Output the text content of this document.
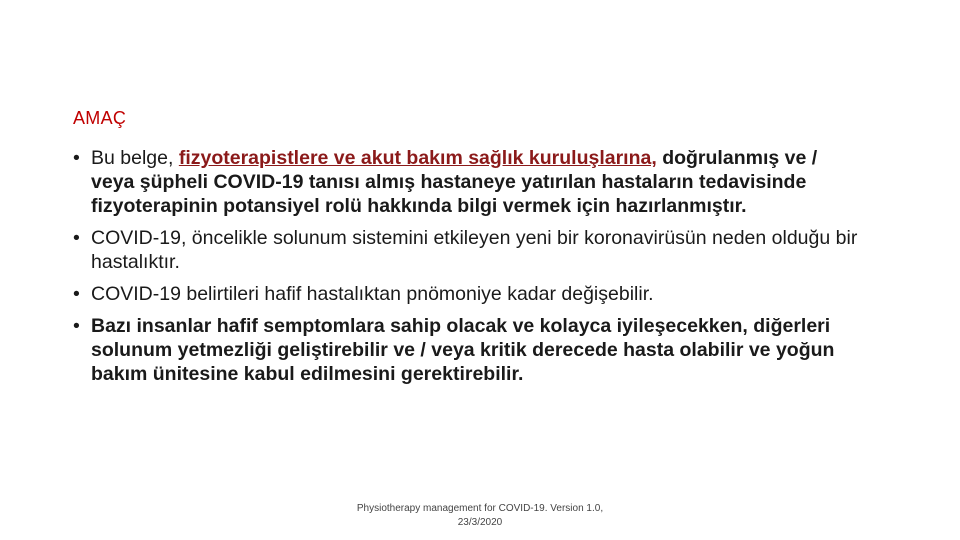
AMAÇ
• Bu belge, fizyoterapistlere ve akut bakım sağlık kuruluşlarına, doğrulanmış ve / veya şüpheli COVID-19 tanısı almış hastaneye yatırılan hastaların tedavisinde fizyoterapinin potansiyel rolü hakkında bilgi vermek için hazırlanmıştır.
• COVID-19, öncelikle solunum sistemini etkileyen yeni bir koronavirüsün neden olduğu bir hastalıktır.
• COVID-19 belirtileri hafif hastalıktan pnömoniye kadar değişebilir.
• Bazı insanlar hafif semptomlara sahip olacak ve kolayca iyileşecekken, diğerleri solunum yetmezliği geliştirebilir ve / veya kritik derecede hasta olabilir ve yoğun bakım ünitesine kabul edilmesini gerektirebilir.
Physiotherapy management for COVID-19. Version 1.0,
23/3/2020
